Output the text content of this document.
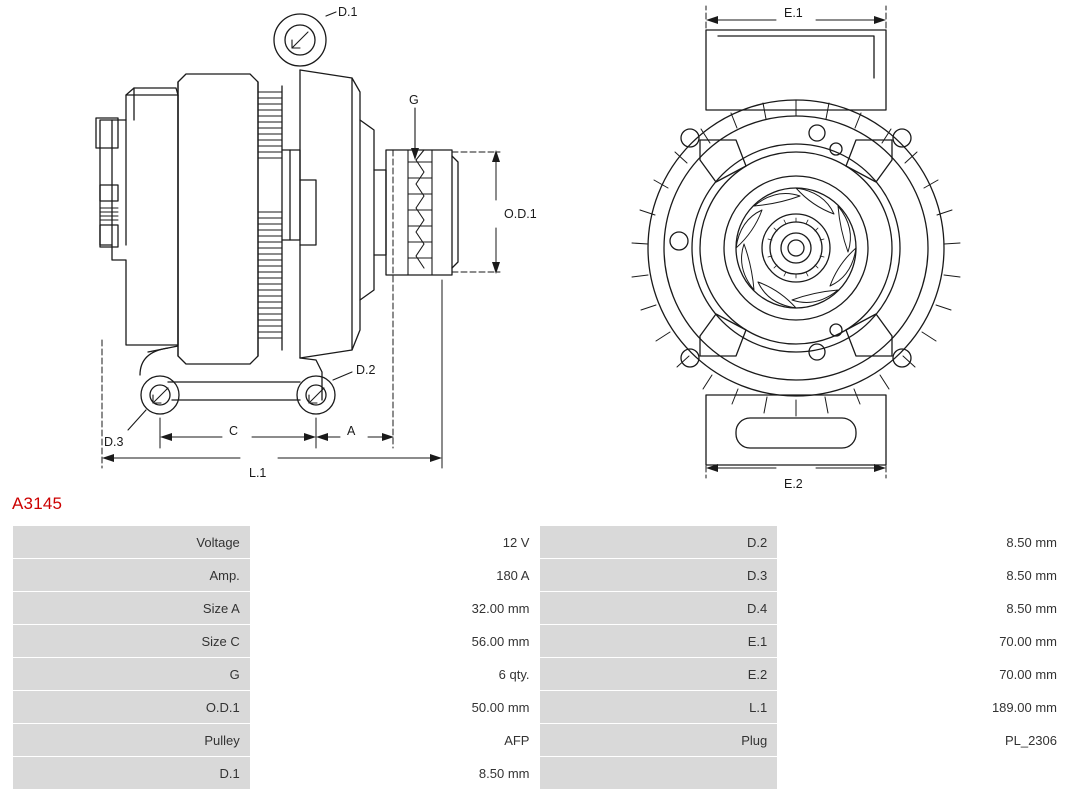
D.1
D.2
D.3
G
O.D.1
C	A
L.1
E.1
E.2
A3145
Voltage	12 V	D.2	8.50 mm
Amp.	180 A	D.3	8.50 mm
Size A	32.00 mm	D.4	8.50 mm
Size C	56.00 mm	E.1	70.00 mm
G	6 qty.	E.2	70.00 mm
O.D.1	50.00 mm	L.1	189.00 mm
Pulley	AFP	Plug	PL_2306
D.1	8.50 mm		
